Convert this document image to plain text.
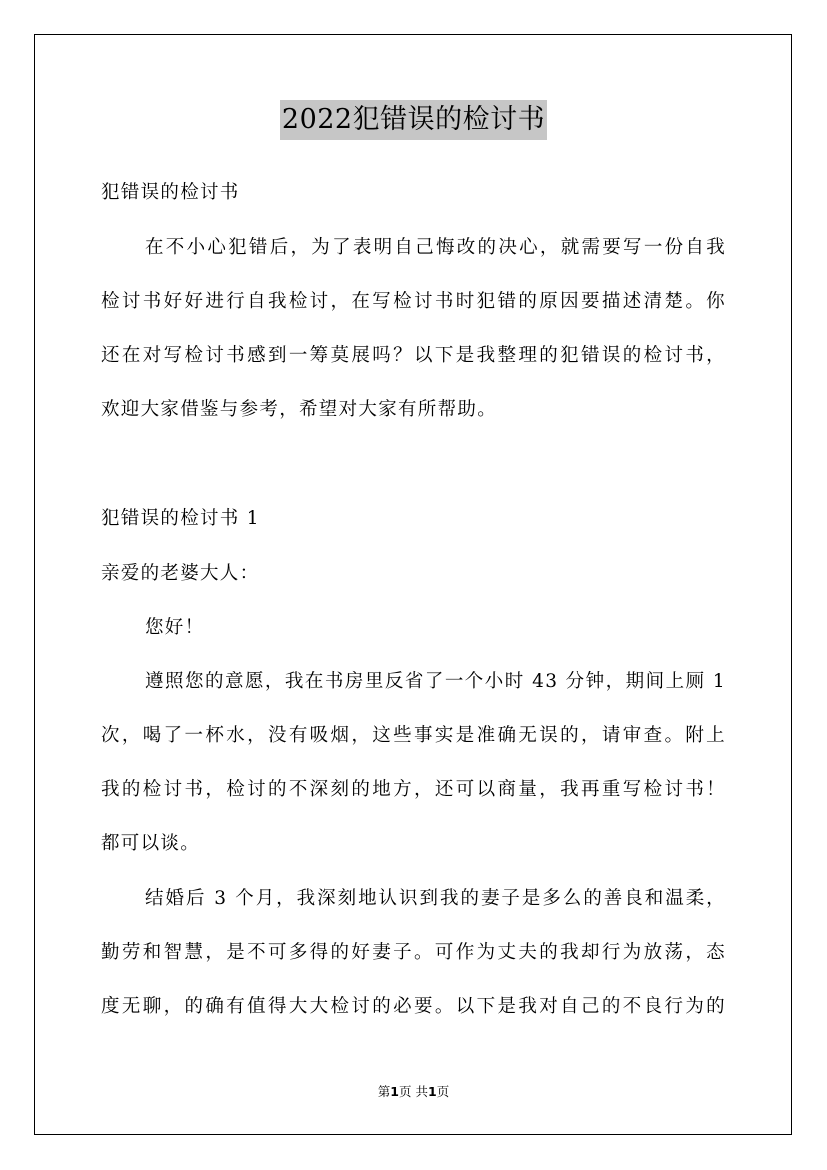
2022犯错误的检讨书
犯错误的检讨书
在不小心犯错后，为了表明自己悔改的决心，就需要写一份自我
检讨书好好进行自我检讨，在写检讨书时犯错的原因要描述清楚。你
还在对写检讨书感到一筹莫展吗？以下是我整理的犯错误的检讨书，
欢迎大家借鉴与参考，希望对大家有所帮助。
犯错误的检讨书 1
亲爱的老婆大人：
您好！
遵照您的意愿，我在书房里反省了一个小时 43 分钟，期间上厕 1
次，喝了一杯水，没有吸烟，这些事实是准确无误的，请审查。附上
我的检讨书，检讨的不深刻的地方，还可以商量，我再重写检讨书！
都可以谈。
结婚后 3 个月，我深刻地认识到我的妻子是多么的善良和温柔，
勤劳和智慧，是不可多得的好妻子。可作为丈夫的我却行为放荡，态
度无聊，的确有值得大大检讨的必要。以下是我对自己的不良行为的
第1页 共1页
